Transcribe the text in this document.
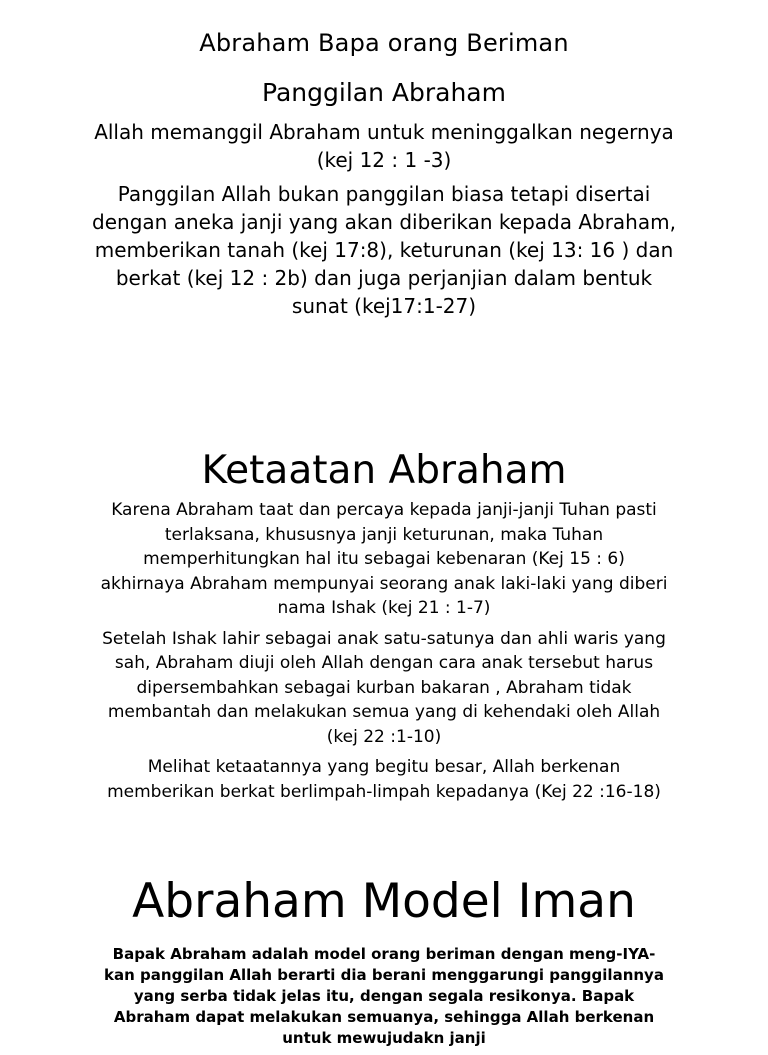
Abraham Bapa orang Beriman
Panggilan Abraham

Allah memanggil Abraham untuk meninggalkan negernya (kej 12 : 1 -3)

Panggilan Allah bukan panggilan biasa tetapi disertai dengan aneka janji yang akan diberikan kepada Abraham, memberikan tanah (kej 17:8), keturunan (kej 13: 16 ) dan berkat (kej 12 : 2b) dan juga perjanjian dalam bentuk sunat (kej17:1-27)

Ketaatan Abraham

Karena Abraham taat dan percaya kepada janji-janji Tuhan pasti terlaksana, khususnya janji keturunan, maka Tuhan memperhitungkan hal itu sebagai kebenaran (Kej 15 : 6) akhirnaya Abraham mempunyai seorang anak laki-laki yang diberi nama Ishak (kej 21 : 1-7)

Setelah Ishak lahir sebagai anak satu-satunya dan ahli waris yang sah, Abraham diuji oleh Allah dengan cara anak tersebut harus dipersembahkan sebagai kurban bakaran , Abraham tidak membantah dan melakukan semua yang di kehendaki oleh Allah (kej 22 :1-10)

Melihat ketaatannya yang begitu besar, Allah berkenan memberikan berkat berlimpah-limpah kepadanya (Kej 22 :16-18)

Abraham Model Iman

Bapak Abraham adalah model orang beriman dengan meng-IYA- kan panggilan Allah berarti dia berani menggarungi panggilannya yang serba tidak jelas itu, dengan segala resikonya. Bapak Abraham dapat melakukan semuanya, sehingga Allah berkenan untuk mewujudakn janji
